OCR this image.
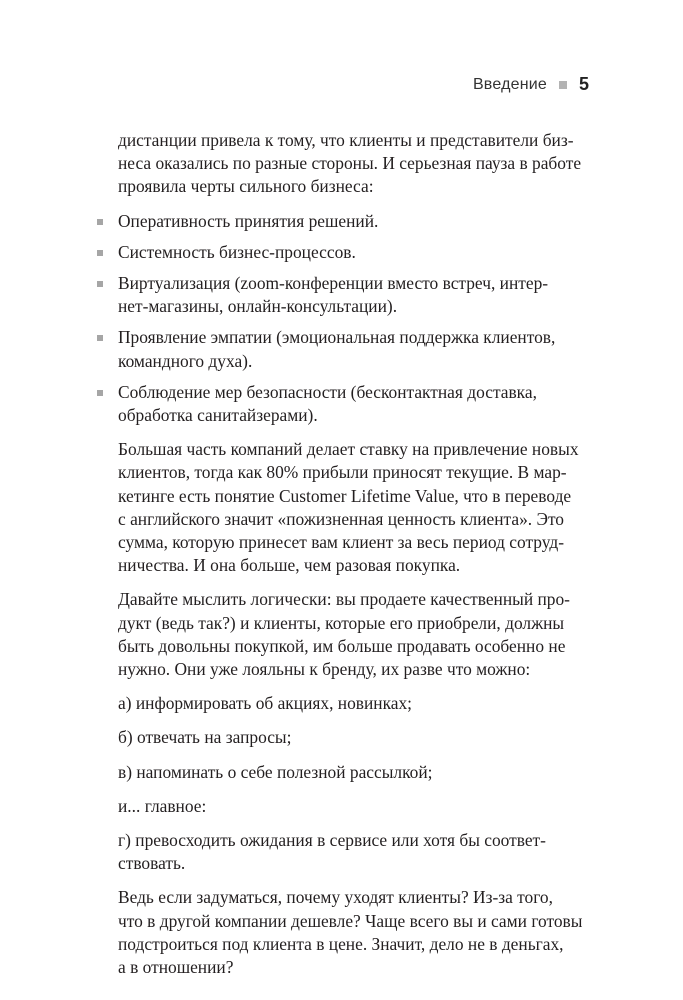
Введение 5

дистанции привела к тому, что клиенты и представители биз-
неса оказались по разные стороны. И серьезная пауза в работе
проявила черты сильного бизнеса:

Оперативность принятия решений.
Системность бизнес-процессов.
Виртуализация (zoom-конференции вместо встреч, интер-
нет-магазины, онлайн-консультации).
Проявление эмпатии (эмоциональная поддержка клиентов,
командного духа).
Соблюдение мер безопасности (бесконтактная доставка,
обработка санитайзерами).

Большая часть компаний делает ставку на привлечение новых
клиентов, тогда как 80% прибыли приносят текущие. В мар-
кетинге есть понятие Customer Lifetime Value, что в переводе
с английского значит «пожизненная ценность клиента». Это
сумма, которую принесет вам клиент за весь период сотруд-
ничества. И она больше, чем разовая покупка.

Давайте мыслить логически: вы продаете качественный про-
дукт (ведь так?) и клиенты, которые его приобрели, должны
быть довольны покупкой, им больше продавать особенно не
нужно. Они уже лояльны к бренду, их разве что можно:

а) информировать об акциях, новинках;

б) отвечать на запросы;

в) напоминать о себе полезной рассылкой;

и... главное:

г) превосходить ожидания в сервисе или хотя бы соответ-
ствовать.

Ведь если задуматься, почему уходят клиенты? Из-за того,
что в другой компании дешевле? Чаще всего вы и сами готовы
подстроиться под клиента в цене. Значит, дело не в деньгах,
а в отношении?
